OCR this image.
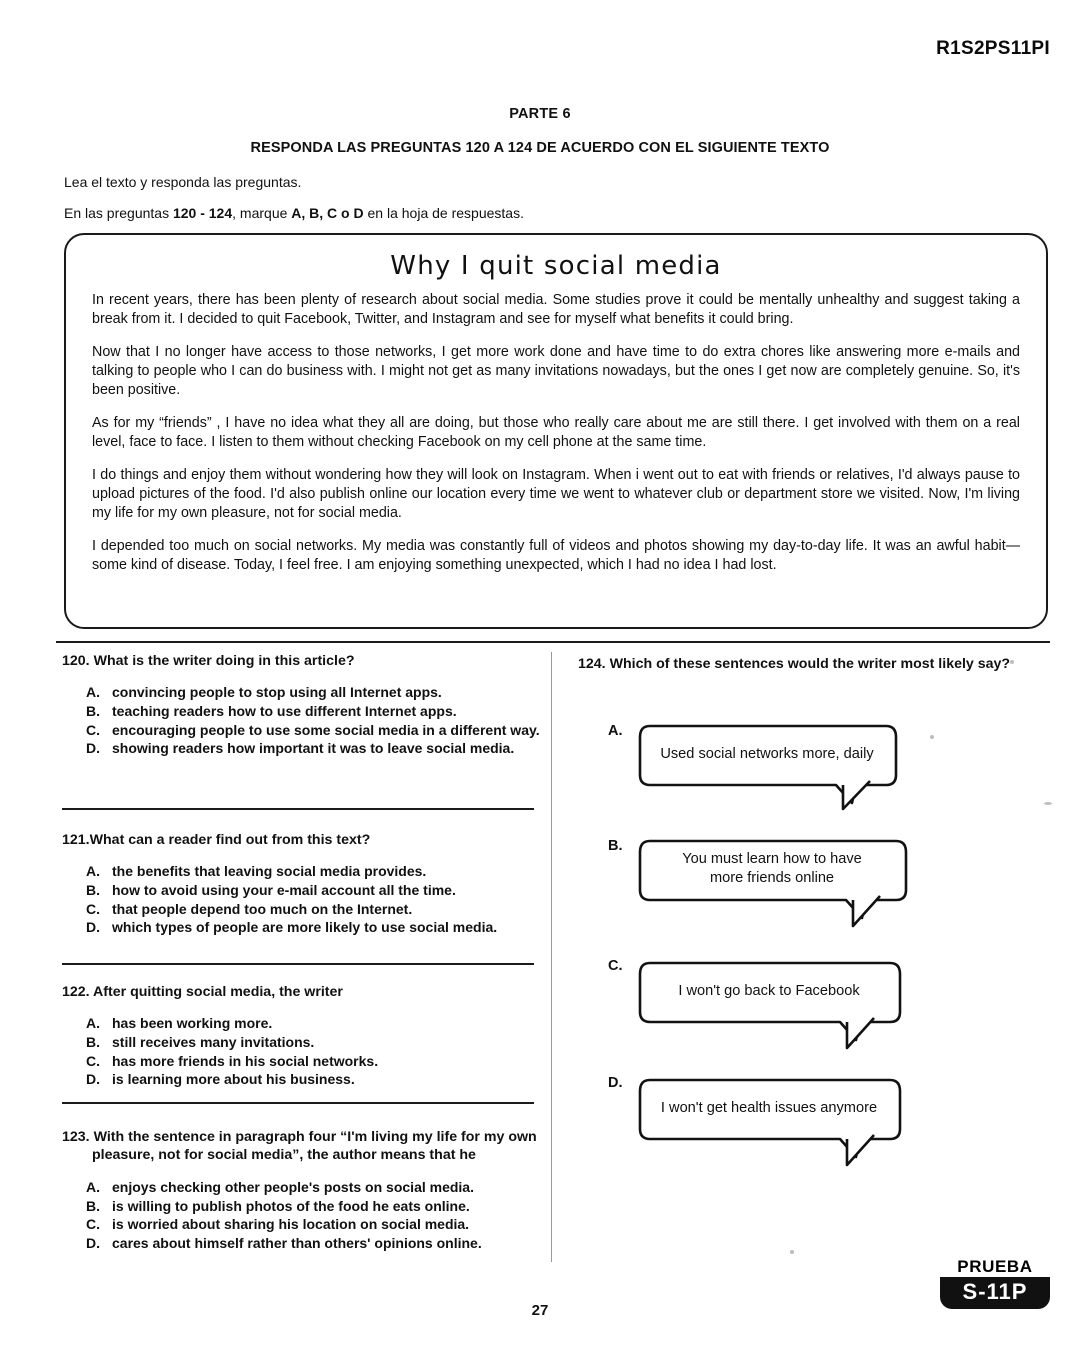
R1S2PS11PI
PARTE 6
RESPONDA LAS PREGUNTAS 120 A 124 DE ACUERDO CON EL SIGUIENTE TEXTO
Lea el texto y responda las preguntas.
En las preguntas 120 - 124, marque A, B, C o D en la hoja de respuestas.
Why I quit social media

In recent years, there has been plenty of research about social media. Some studies prove it could be mentally unhealthy and suggest taking a break from it. I decided to quit Facebook, Twitter, and Instagram and see for myself what benefits it could bring.

Now that I no longer have access to those networks, I get more work done and have time to do extra chores like answering more e-mails and talking to people who I can do business with. I might not get as many invitations nowadays, but the ones I get now are completely genuine. So, it's been positive.

As for my “friends” , I have no idea what they all are doing, but those who really care about me are still there. I get involved with them on a real level, face to face. I listen to them without checking Facebook on my cell phone at the same time.

I do things and enjoy them without wondering how they will look on Instagram. When i went out to eat with friends or relatives, I'd always pause to upload pictures of the food. I'd also publish online our location every time we went to whatever club or department store we visited. Now, I'm living my life for my own pleasure, not for social media.

I depended too much on social networks. My media was constantly full of videos and photos showing my day-to-day life. It was an awful habit—some kind of disease. Today, I feel free. I am enjoying something unexpected, which I had no idea I had lost.

120. What is the writer doing in this article?
A. convincing people to stop using all Internet apps.
B. teaching readers how to use different Internet apps.
C. encouraging people to use some social media in a different way.
D. showing readers how important it was to leave social media.
121.What can a reader find out from this text?
A. the benefits that leaving social media provides.
B. how to avoid using your e-mail account all the time.
C. that people depend too much on the Internet.
D. which types of people are more likely to use social media.
122. After quitting social media, the writer
A. has been working more.
B. still receives many invitations.
C. has more friends in his social networks.
D. is learning more about his business.
123. With the sentence in paragraph four “I'm living my life for my own pleasure, not for social media”, the author means that he
A. enjoys checking other people's posts on social media.
B. is willing to publish photos of the food he eats online.
C. is worried about sharing his location on social media.
D. cares about himself rather than others' opinions online.
124. Which of these sentences would the writer most likely say?
A.
Used social networks more, daily
B.
You must learn how to have
more friends online
C.
I won't go back to Facebook
D.
I won't get health issues anymore
27
PRUEBA
S-11P
